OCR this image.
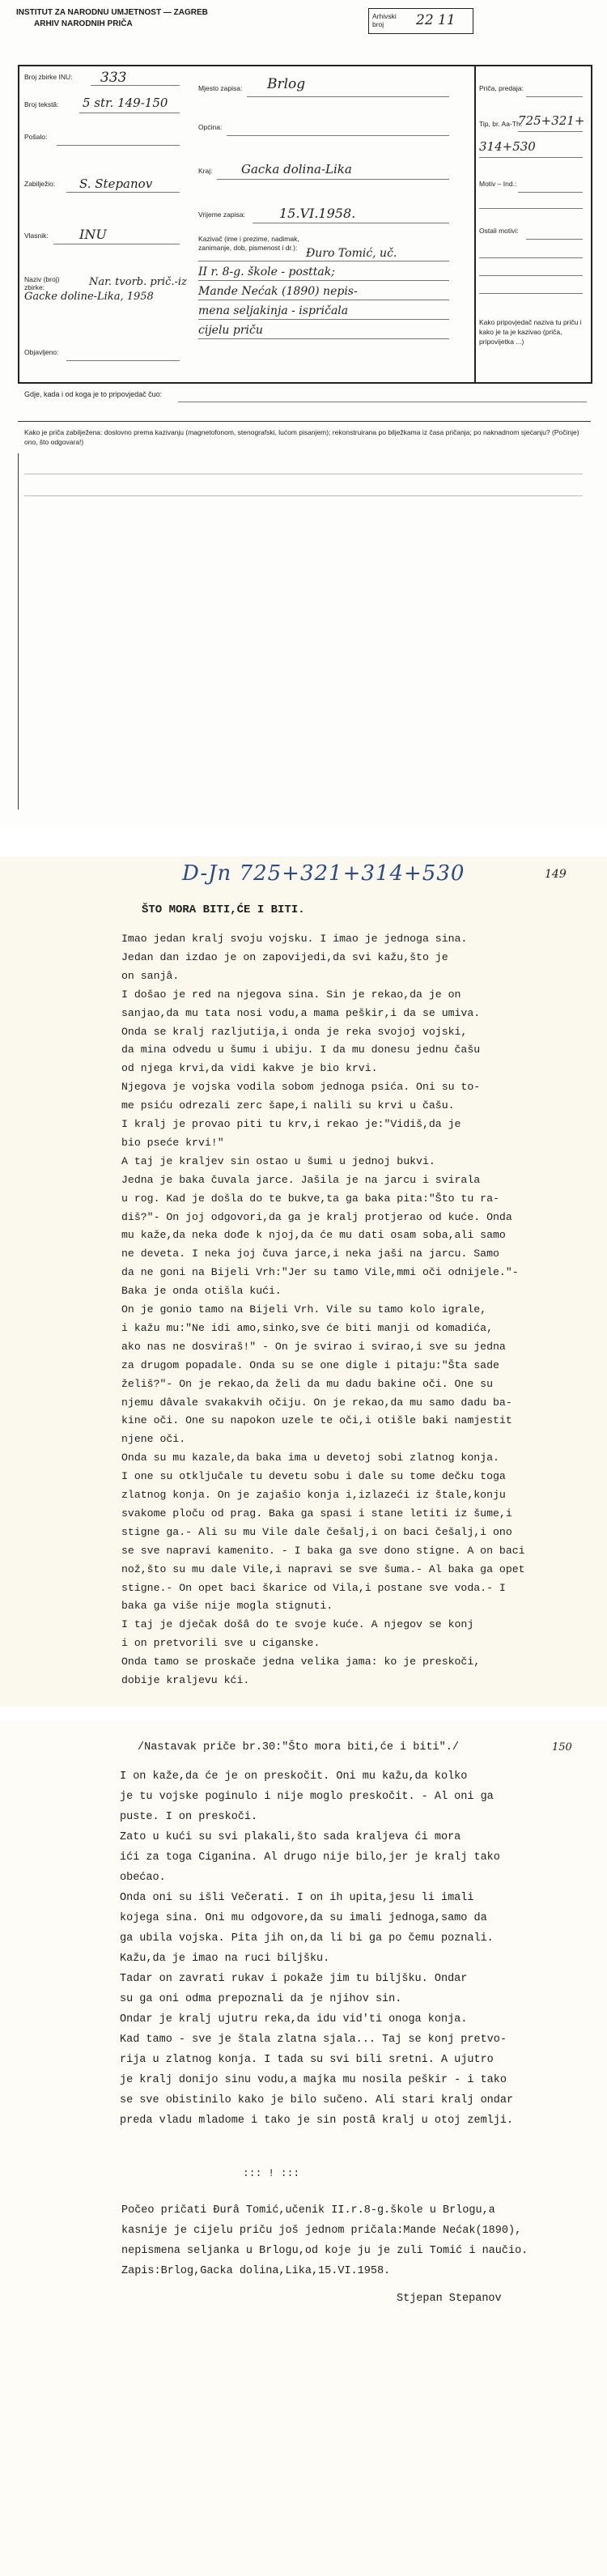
INSTITUT ZA NARODNU UMJETNOST — ZAGREB
ARHIV NARODNIH PRIČA
Arhivski broj	22 11
Broj zbirke INU: 333
Broj tekstâ: 5 str. 149-150
Pošalo:
Zabilježio: S. Stepanov
Vlasnik: INU
Naziv (broj) zbirke:	Nar. tvorb. prič.-iz Gacke doline-Lika, 1958
Objavljeno:
Mjesto zapisa: Brlog
Općina:
Kraj: Gacka dolina-Lika
Vrijeme zapisa:	15.VI.1958.
Kazivač (ime i prezime, nadimak, zanimanje, dob, pismenost i dr.): Đuro Tomić, uč.
II r. 8-g. škole - posttak;
Mande Nećak (1890) nepis-
mena seljakinja - ispričala
cijelu priču
Priča, predaja:
Tip, br. Aa-Th:
725+321+
314+530
Motiv – Ind.:
Ostali motivi:
Kako pripovjedač naziva tu priču i kako je ta je kazivao (priča, pripovijetka ...)
Gdje, kada i od koga je to pripovjedač čuo:
Kako je priča zabilježena: doslovno prema kazivanju (magnetofonom, stenografski, lućom pisanjem); rekonstruirana po bilježkama iz časa pričanja; po naknadnom sjećanju? (Počinje) ono, što odgovara!)
D-Jn 725+321+314+530	149
ŠTO MORA BITI,ĆE I BITI.
Imao jedan kralj svoju vojsku. I imao je jednoga sina.
Jedan dan izdao je on zapovijedi,da svi kažu,što je
on sanjâ.
I došao je red na njegova sina. Sin je rekao,da je on
sanjao,da mu tata nosi vodu,a mama peškir,i da se umiva.
Onda se kralj razljutija,i onda je reka svojoj vojski,
da mina odvedu u šumu i ubiju. I da mu donesu jednu čašu
od njega krvi,da vidi kakve je bio krvi.
Njegova je vojska vodila sobom jednoga psića. Oni su to-
me psiću odrezali zerc šape,i nalili su krvi u čašu.
I kralj je provao piti tu krv,i rekao je:"Vidiš,da je
bio pseće krvi!"
A taj je kraljev sin ostao u šumi u jednoj bukvi.
Jedna je baka čuvala jarce. Jašila je na jarcu i svirala
u rog. Kad je došla do te bukve,ta ga baka pita:"Što tu ra-
diš?"- On joj odgovori,da ga je kralj protjerao od kuće. Onda
mu kaže,da neka dođe k njoj,da će mu dati osam soba,ali samo
ne deveta. I neka joj čuva jarce,i neka jaši na jarcu. Samo
da ne goni na Bijeli Vrh:"Jer su tamo Vile,mmi oči odnijele."-
Baka je onda otišla kući.
On je gonio tamo na Bijeli Vrh. Vile su tamo kolo igrale,
i kažu mu:"Ne idi amo,sinko,sve će biti manji od komadića,
ako nas ne dosviraš!" - On je svirao i svirao,i sve su jedna
za drugom popadale. Onda su se one digle i pitaju:"Šta sade
želiš?"- On je rekao,da želi da mu dadu bakine oči. One su
njemu dâvale svakakvih očiju. On je rekao,da mu samo dadu ba-
kine oči. One su napokon uzele te oči,i otišle baki namjestit
njene oči.
Onda su mu kazale,da baka ima u devetoj sobi zlatnog konja.
I one su otključale tu devetu sobu i dale su tome dečku toga
zlatnog konja. On je zajašio konja i,izlazeći iz štale,konju
svakome ploču od prag. Baka ga spasi i stane letiti iz šume,i
stigne ga.- Ali su mu Vile dale češalj,i on baci češalj,i ono
se sve napravi kamenito. - I baka ga sve dono stigne. A on baci
nož,što su mu dale Vile,i napravi se sve šuma.- Al baka ga opet
stigne.- On opet baci škarice od Vila,i postane sve voda.- I
baka ga više nije mogla stignuti.
I taj je dječak došâ do te svoje kuće. A njegov se konj
i on pretvorili sve u ciganske.
Onda tamo se proskače jedna velika jama: ko je preskoči,
dobije kraljevu kći.
/Nastavak priče br.30:"Što mora biti,će i biti"./	150
I on kaže,da će je on preskočit. Oni mu kažu,da kolko
je tu vojske poginulo i nije moglo preskočit. - Al oni ga
puste. I on preskoči.
Zato u kući su svi plakali,što sada kraljeva ći mora
ići za toga Ciganina. Al drugo nije bilo,jer je kralj tako
obećao.
Onda oni su išli Večerati. I on ih upita,jesu li imali
kojega sina. Oni mu odgovore,da su imali jednoga,samo da
ga ubila vojska. Pita jih on,da li bi ga po čemu poznali.
Kažu,da je imao na ruci biljšku.
Tadar on zavrati rukav i pokaže jim tu biljšku. Ondar
su ga oni odma prepoznali da je njihov sin.
Ondar je kralj ujutru reka,da idu vid'ti onoga konja.
Kad tamo - sve je štala zlatna sjala... Taj se konj pretvo-
rija u zlatnog konja. I tada su svi bili sretni. A ujutro
je kralj donijo sinu vodu,a majka mu nosila peškir - i tako
se sve obistinilo kako je bilo sučeno. Ali stari kralj ondar
preda vladu mladome i tako je sin postâ kralj u otoj zemlji.
::: ! :::
Počeo pričati Đurâ Tomić,učenik II.r.8-g.škole u Brlogu,a
kasnije je cijelu priču još jednom pričala:Mande Nećak(1890),
nepismena seljanka u Brlogu,od koje ju je zuli Tomić i naučio.
Zapis:Brlog,Gacka dolina,Lika,15.VI.1958.
Stjepan Stepanov
